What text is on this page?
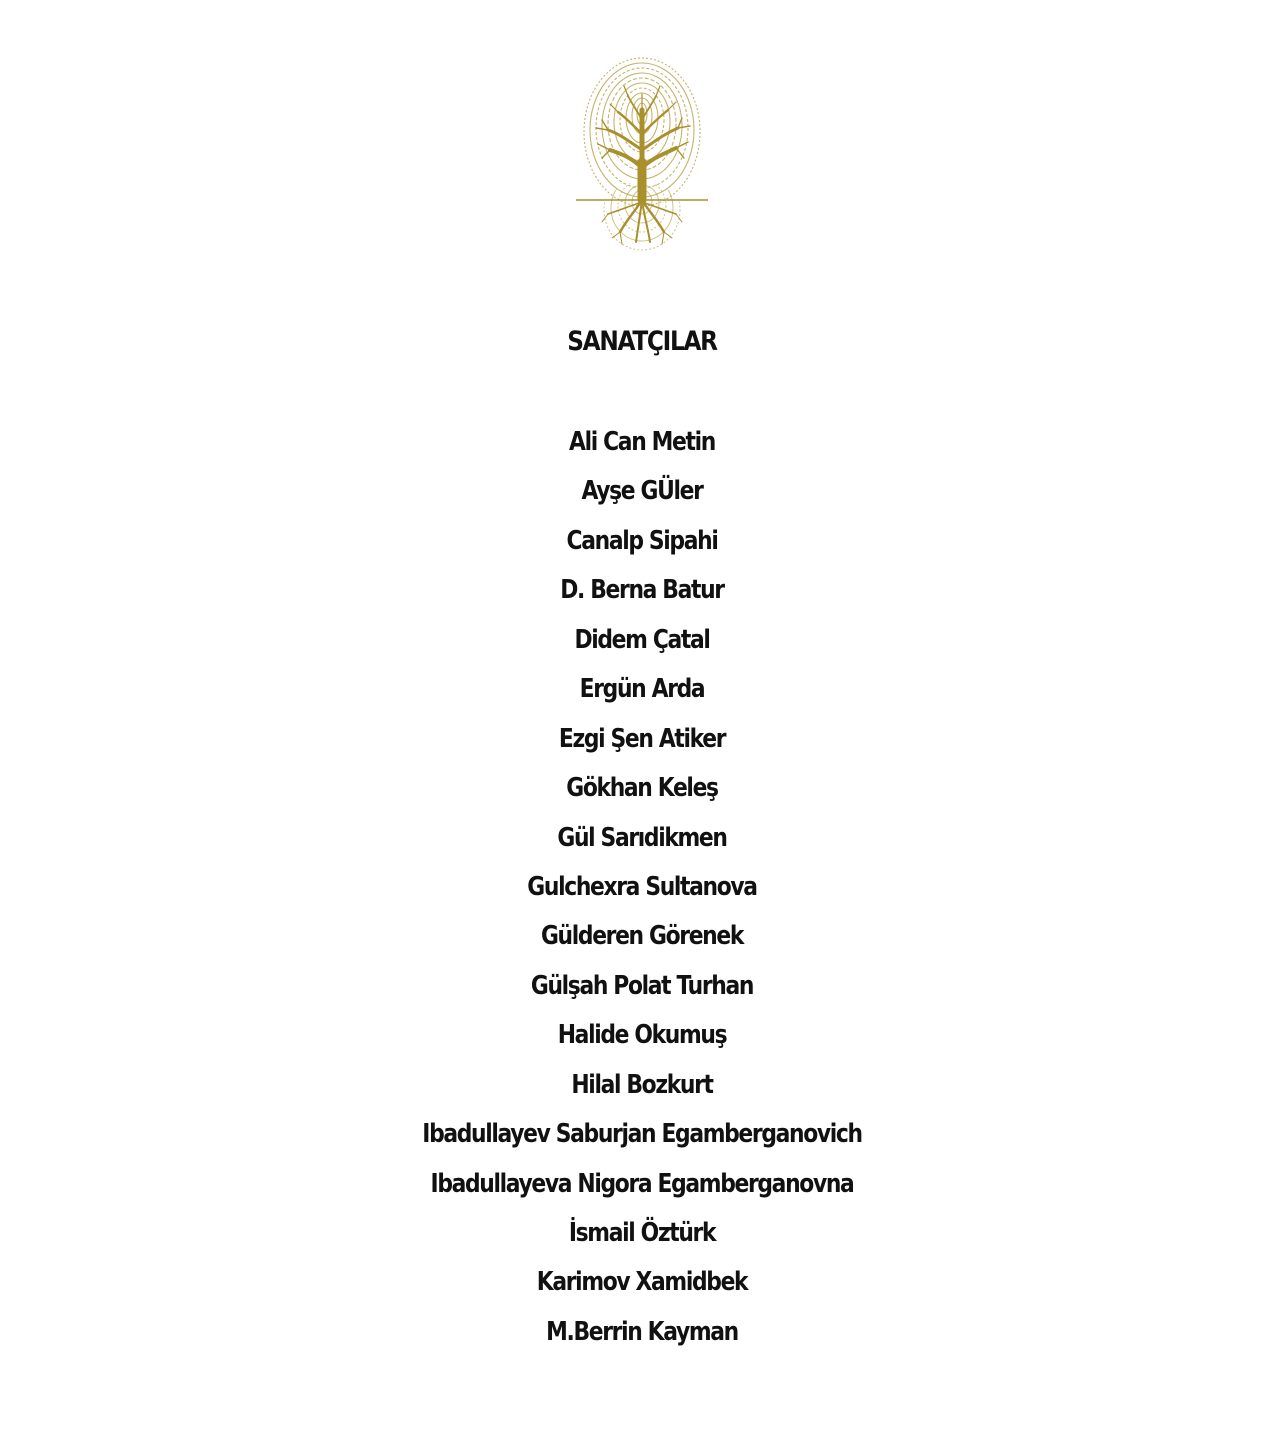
SANATÇILAR
Ali Can Metin
Ayşe GÜler
Canalp Sipahi
D. Berna Batur
Didem Çatal
Ergün Arda
Ezgi Şen Atiker
Gökhan Keleş
Gül Sarıdikmen
Gulchexra Sultanova
Gülderen Görenek
Gülşah Polat Turhan
Halide Okumuş
Hilal Bozkurt
Ibadullayev Saburjan Egamberganovich
Ibadullayeva Nigora Egamberganovna
İsmail Öztürk
Karimov Xamidbek
M.Berrin Kayman
